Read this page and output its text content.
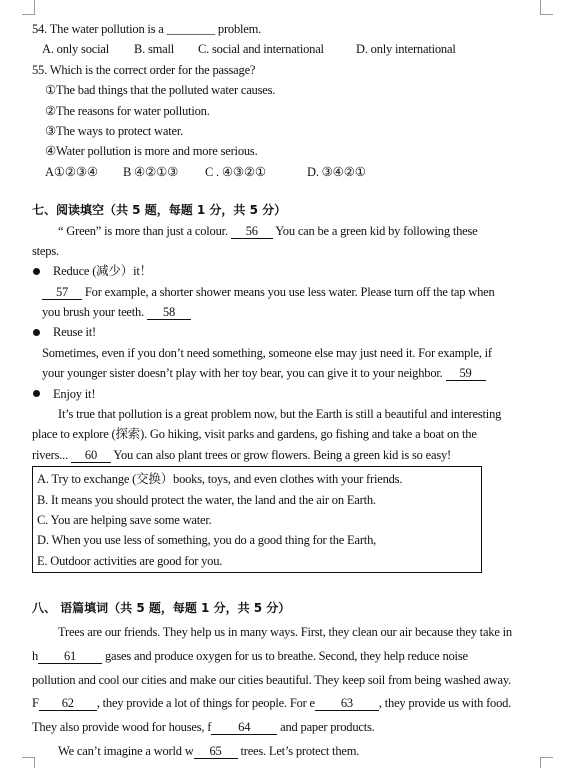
54. The water pollution is a ________ problem.
A. only social B. small C. social and international	D. only international
55. Which is the correct order for the passage?
①The bad things that the polluted water causes.
②The reasons for water pollution.
③The ways to protect water.
④Water pollution is more and more serious.
A①②③④ B ④②①③ C . ④③②①	D. ③④②①
七、阅读填空（共 5 题，每题 1 分，共 5 分）
“ Green” is more than just a colour. 56 You can be a green kid by following these
steps.
Reduce (减少）it！
57 For example, a shorter shower means you use less water. Please turn off the tap when
you brush your teeth. 58
Reuse it!
Sometimes, even if you don’t need something, someone else may just need it. For example, if
your younger sister doesn’t play with her toy bear, you can give it to your neighbor. 59
Enjoy it!
It’s true that pollution is a great problem now, but the Earth is still a beautiful and interesting
place to explore (探索). Go hiking, visit parks and gardens, go fishing and take a boat on the
rivers... 60 You can also plant trees or grow flowers. Being a green kid is so easy!
A. Try to exchange (交换）books, toys, and even clothes with your friends.
B. It means you should protect the water, the land and the air on Earth.
C. You are helping save some water.
D. When you use less of something, you do a good thing for the Earth,
E. Outdoor activities are good for you.
八、 语篇填词（共 5 题，每题 1 分，共 5 分）
Trees are our friends. They help us in many ways. First, they clean our air because they take in
h 61 gases and produce oxygen for us to breathe. Second, they help reduce noise
pollution and cool our cities and make our cities beautiful. They keep soil from being washed away.
F 62 , they provide a lot of things for people. For e 63 , they provide us with food.
They also provide wood for houses, f 64 and paper products.
We can’t imagine a world w 65 trees. Let’s protect them.
